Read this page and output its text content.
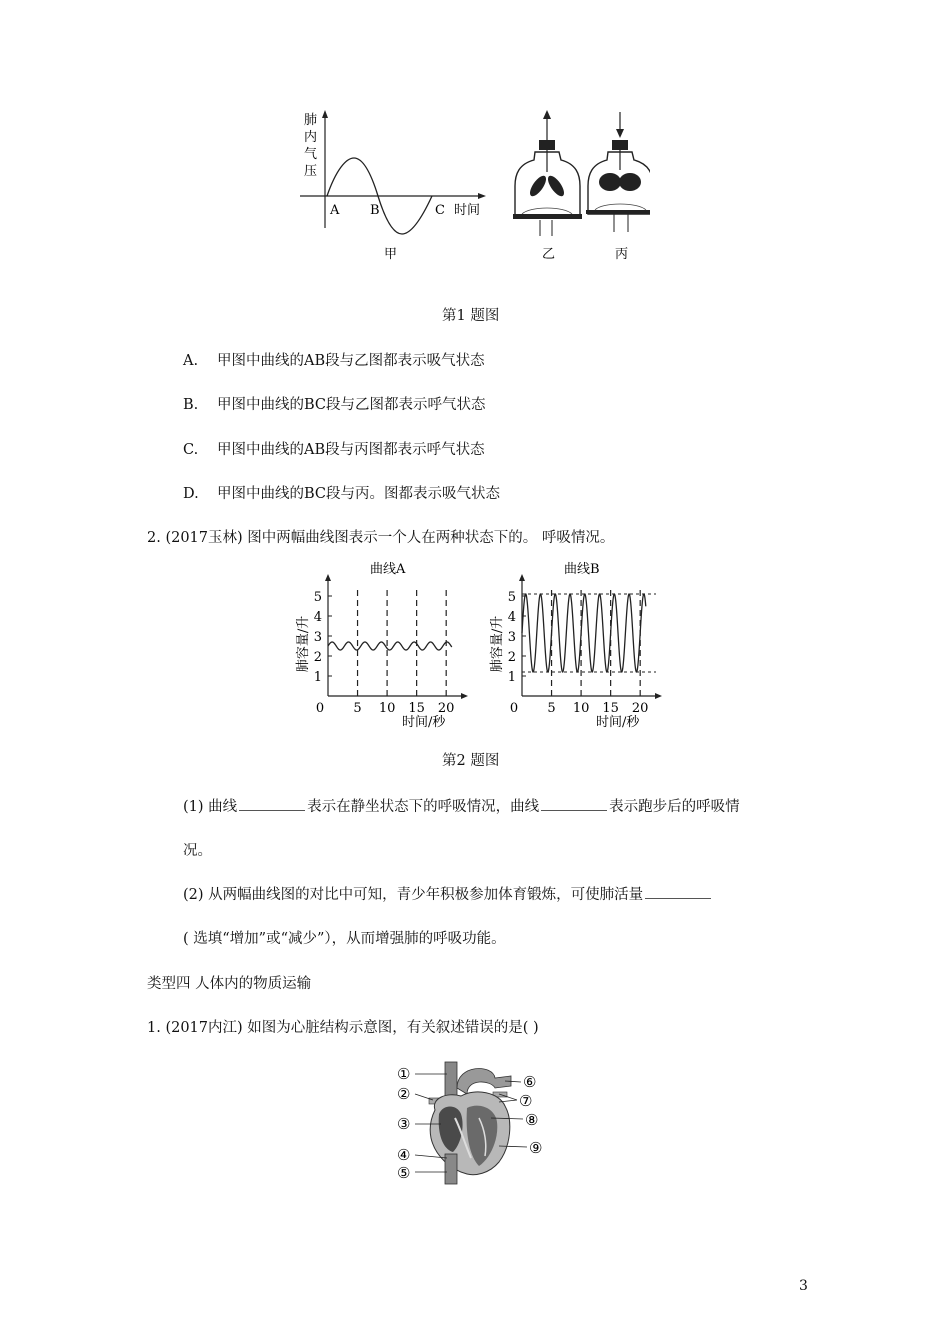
肺
内
气
压
A B	C 时间
甲	乙	丙
第1 题图
A. 甲图中曲线的AB段与乙图都表示吸气状态
B. 甲图中曲线的BC段与乙图都表示呼气状态
C. 甲图中曲线的AB段与丙图都表示呼气状态
D. 甲图中曲线的BC段与丙。图都表示吸气状态
2. (2017玉林) 图中两幅曲线图表示一个人在两种状态下的。 呼吸情况。
曲线A
肺容量/升
时间/秒
0 5 10 15 20
1
2
3
4
5
曲线B
肺容量/升
时间/秒
0 5 10 15 20
1
2
3
4
5
第2 题图
(1) 曲线	表示在静坐状态下的呼吸情况，曲线	表示跑步后的呼吸情
况。
(2) 从两幅曲线图的对比中可知，青少年积极参加体育锻炼，可使肺活量
( 选填“增加”或“减少”），从而增强肺的呼吸功能。
类型四 人体内的物质运输
1. (2017内江) 如图为心脏结构示意图，有关叙述错误的是( )
①
②
③
④
⑤
⑥
⑦
⑧
⑨
3
